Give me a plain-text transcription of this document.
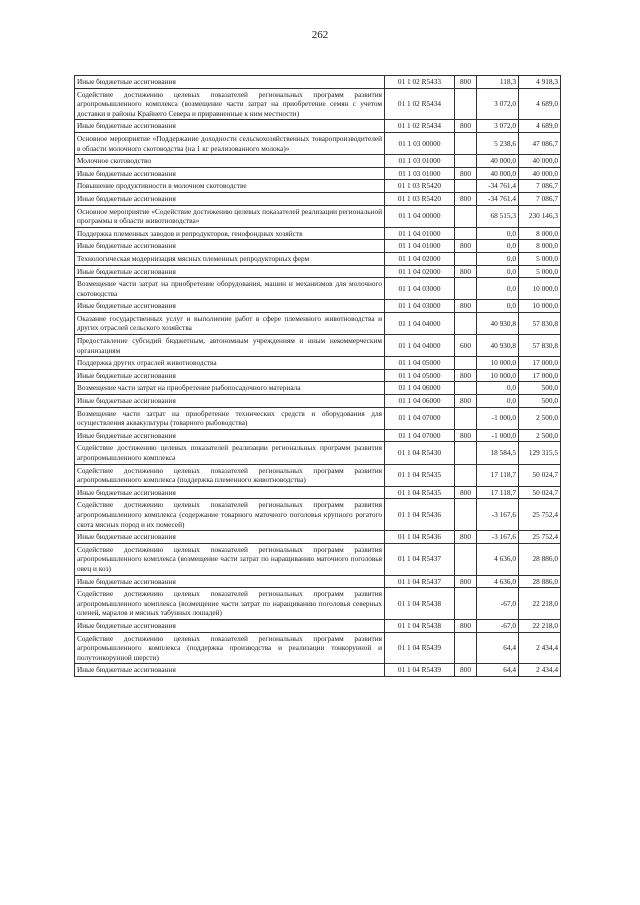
262
Иные бюджетные ассигнования	01 1 02 R5433	800	118,3	4 918,3
Содействие достижению целевых показателей региональных программ развития агропромышленного комплекса (возмещение части затрат на приобретение семян с учетом доставки в районы Крайнего Севера и приравненные к ним местности)	01 1 02 R5434		3 072,0	4 689,0
Иные бюджетные ассигнования	01 1 02 R5434	800	3 072,0	4 689,0
Основное мероприятие «Поддержание доходности сельскохозяйственных товаропроизводителей в области молочного скотоводства (на 1 кг реализованного молока)»	01 1 03 00000		5 238,6	47 086,7
Молочное скотоводство	01 1 03 01000		40 000,0	40 000,0
Иные бюджетные ассигнования	01 1 03 01000	800	40 000,0	40 000,0
Повышение продуктивности в молочном скотоводстве	01 1 03 R5420		-34 761,4	7 086,7
Иные бюджетные ассигнования	01 1 03 R5420	800	-34 761,4	7 086,7
Основное мероприятие «Содействие достижению целевых показателей реализации региональной программы в области животноводства»	01 1 04 00000		68 515,3	230 146,3
Поддержка племенных заводов и репродукторов, генофондных хозяйств	01 1 04 01000		0,0	8 000,0
Иные бюджетные ассигнования	01 1 04 01000	800	0,0	8 000,0
Технологическая модернизация мясных племенных репродукторных ферм	01 1 04 02000		0,0	5 000,0
Иные бюджетные ассигнования	01 1 04 02000	800	0,0	5 000,0
Возмещение части затрат на приобретение оборудования, машин и механизмов для молочного скотоводства	01 1 04 03000		0,0	10 000,0
Иные бюджетные ассигнования	01 1 04 03000	800	0,0	10 000,0
Оказание государственных услуг и выполнение работ в сфере племенного животноводства и других отраслей сельского хозяйства	01 1 04 04000		40 930,8	57 830,8
Предоставление субсидий бюджетным, автономным учреждениям и иным некоммерческим организациям	01 1 04 04000	600	40 930,8	57 830,8
Поддержка других отраслей животноводства	01 1 04 05000		10 000,0	17 000,0
Иные бюджетные ассигнования	01 1 04 05000	800	10 000,0	17 000,0
Возмещение части затрат на приобретение рыбопосадочного материала	01 1 04 06000		0,0	500,0
Иные бюджетные ассигнования	01 1 04 06000	800	0,0	500,0
Возмещение части затрат на приобретение технических средств и оборудования для осуществления аквакультуры (товарного рыбоводства)	01 1 04 07000		-1 000,0	2 500,0
Иные бюджетные ассигнования	01 1 04 07000	800	-1 000,0	2 500,0
Содействие достижению целевых показателей реализации региональных программ развития агропромышленного комплекса	01 1 04 R5430		18 584,5	129 315,5
Содействие достижению целевых показателей региональных программ развития агропромышленного комплекса (поддержка племенного животноводства)	01 1 04 R5435		17 118,7	50 024,7
Иные бюджетные ассигнования	01 1 04 R5435	800	17 118,7	50 024,7
Содействие достижению целевых показателей региональных программ развития агропромышленного комплекса (содержание товарного маточного поголовья крупного рогатого скота мясных пород и их помесей)	01 1 04 R5436		-3 167,6	25 752,4
Иные бюджетные ассигнования	01 1 04 R5436	800	-3 167,6	25 752,4
Содействие достижению целевых показателей региональных программ развития агропромышленного комплекса (возмещение части затрат по наращиванию маточного поголовья овец и коз)	01 1 04 R5437		4 636,0	28 886,0
Иные бюджетные ассигнования	01 1 04 R5437	800	4 636,0	28 886,0
Содействие достижению целевых показателей региональных программ развития агропромышленного комплекса (возмещение части затрат по наращиванию поголовья северных оленей, маралов и мясных табунных лошадей)	01 1 04 R5438		-67,0	22 218,0
Иные бюджетные ассигнования	01 1 04 R5438	800	-67,0	22 218,0
Содействие достижению целевых показателей региональных программ развития агропромышленного комплекса (поддержка производства и реализации тонкорунной и полутонкорунной шерсти)	01 1 04 R5439		64,4	2 434,4
Иные бюджетные ассигнования	01 1 04 R5439	800	64,4	2 434,4
